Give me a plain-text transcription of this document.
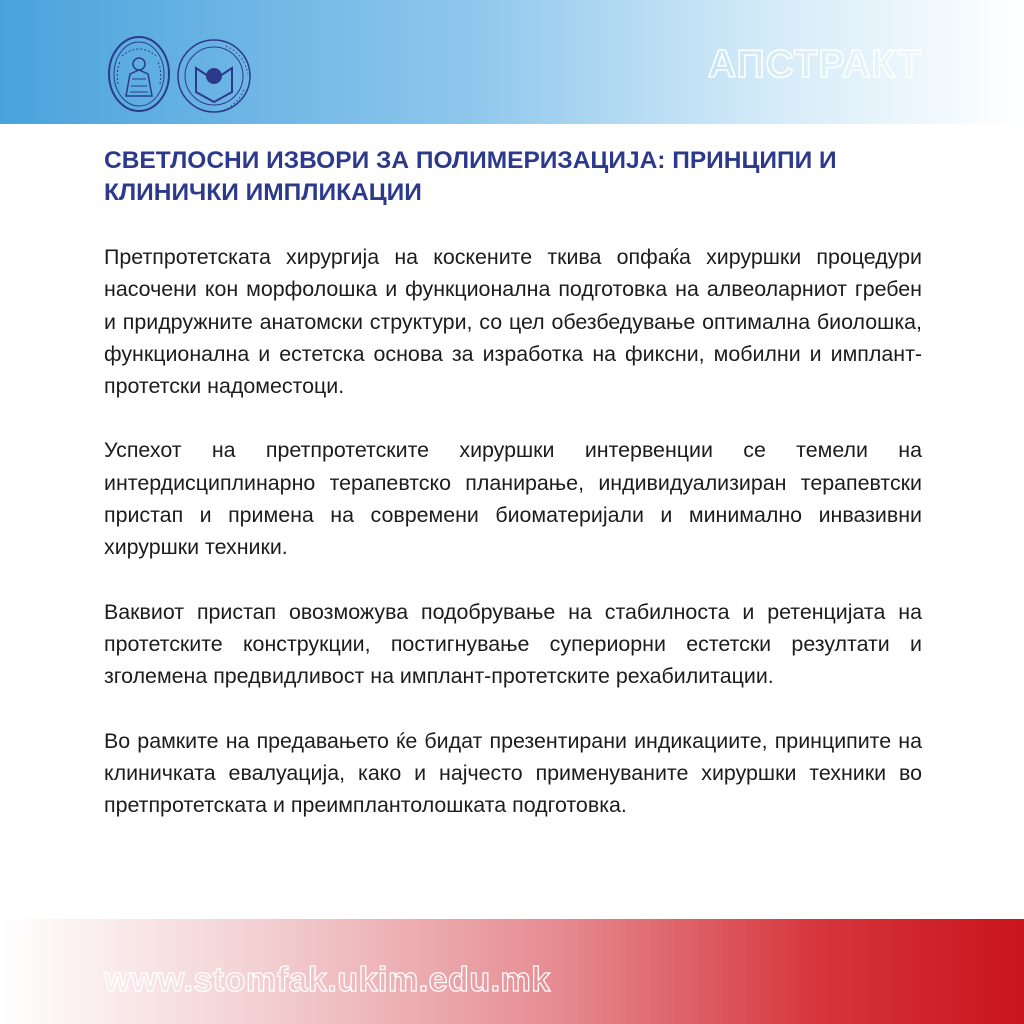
АПСТРАКТ
СВЕТЛОСНИ ИЗВОРИ ЗА ПОЛИМЕРИЗАЦИЈА: ПРИНЦИПИ И КЛИНИЧКИ ИМПЛИКАЦИИ

Претпротетската хирургија на коскените ткива опфаќа хируршки процедури насочени кон морфолошка и функционална подготовка на алвеоларниот гребен и придружните анатомски структури, со цел обезбедување оптимална биолошка, функционална и естетска основа за изработка на фиксни, мобилни и имплант-протетски надоместоци.

Успехот на претпротетските хируршки интервенции се темели на интердисциплинарно терапевтско планирање, индивидуализиран терапевтски пристап и примена на современи биоматеријали и минимално инвазивни хируршки техники.

Ваквиот пристап овозможува подобрување на стабилноста и ретенцијата на протетските конструкции, постигнување супериорни естетски резултати и зголемена предвидливост на имплант-протетските рехабилитации.

Во рамките на предавањето ќе бидат презентирани индикациите, принципите на клиничката евалуација, како и најчесто применуваните хируршки техники во претпротетската и преимплантолошката подготовка.

www.stomfak.ukim.edu.mk
